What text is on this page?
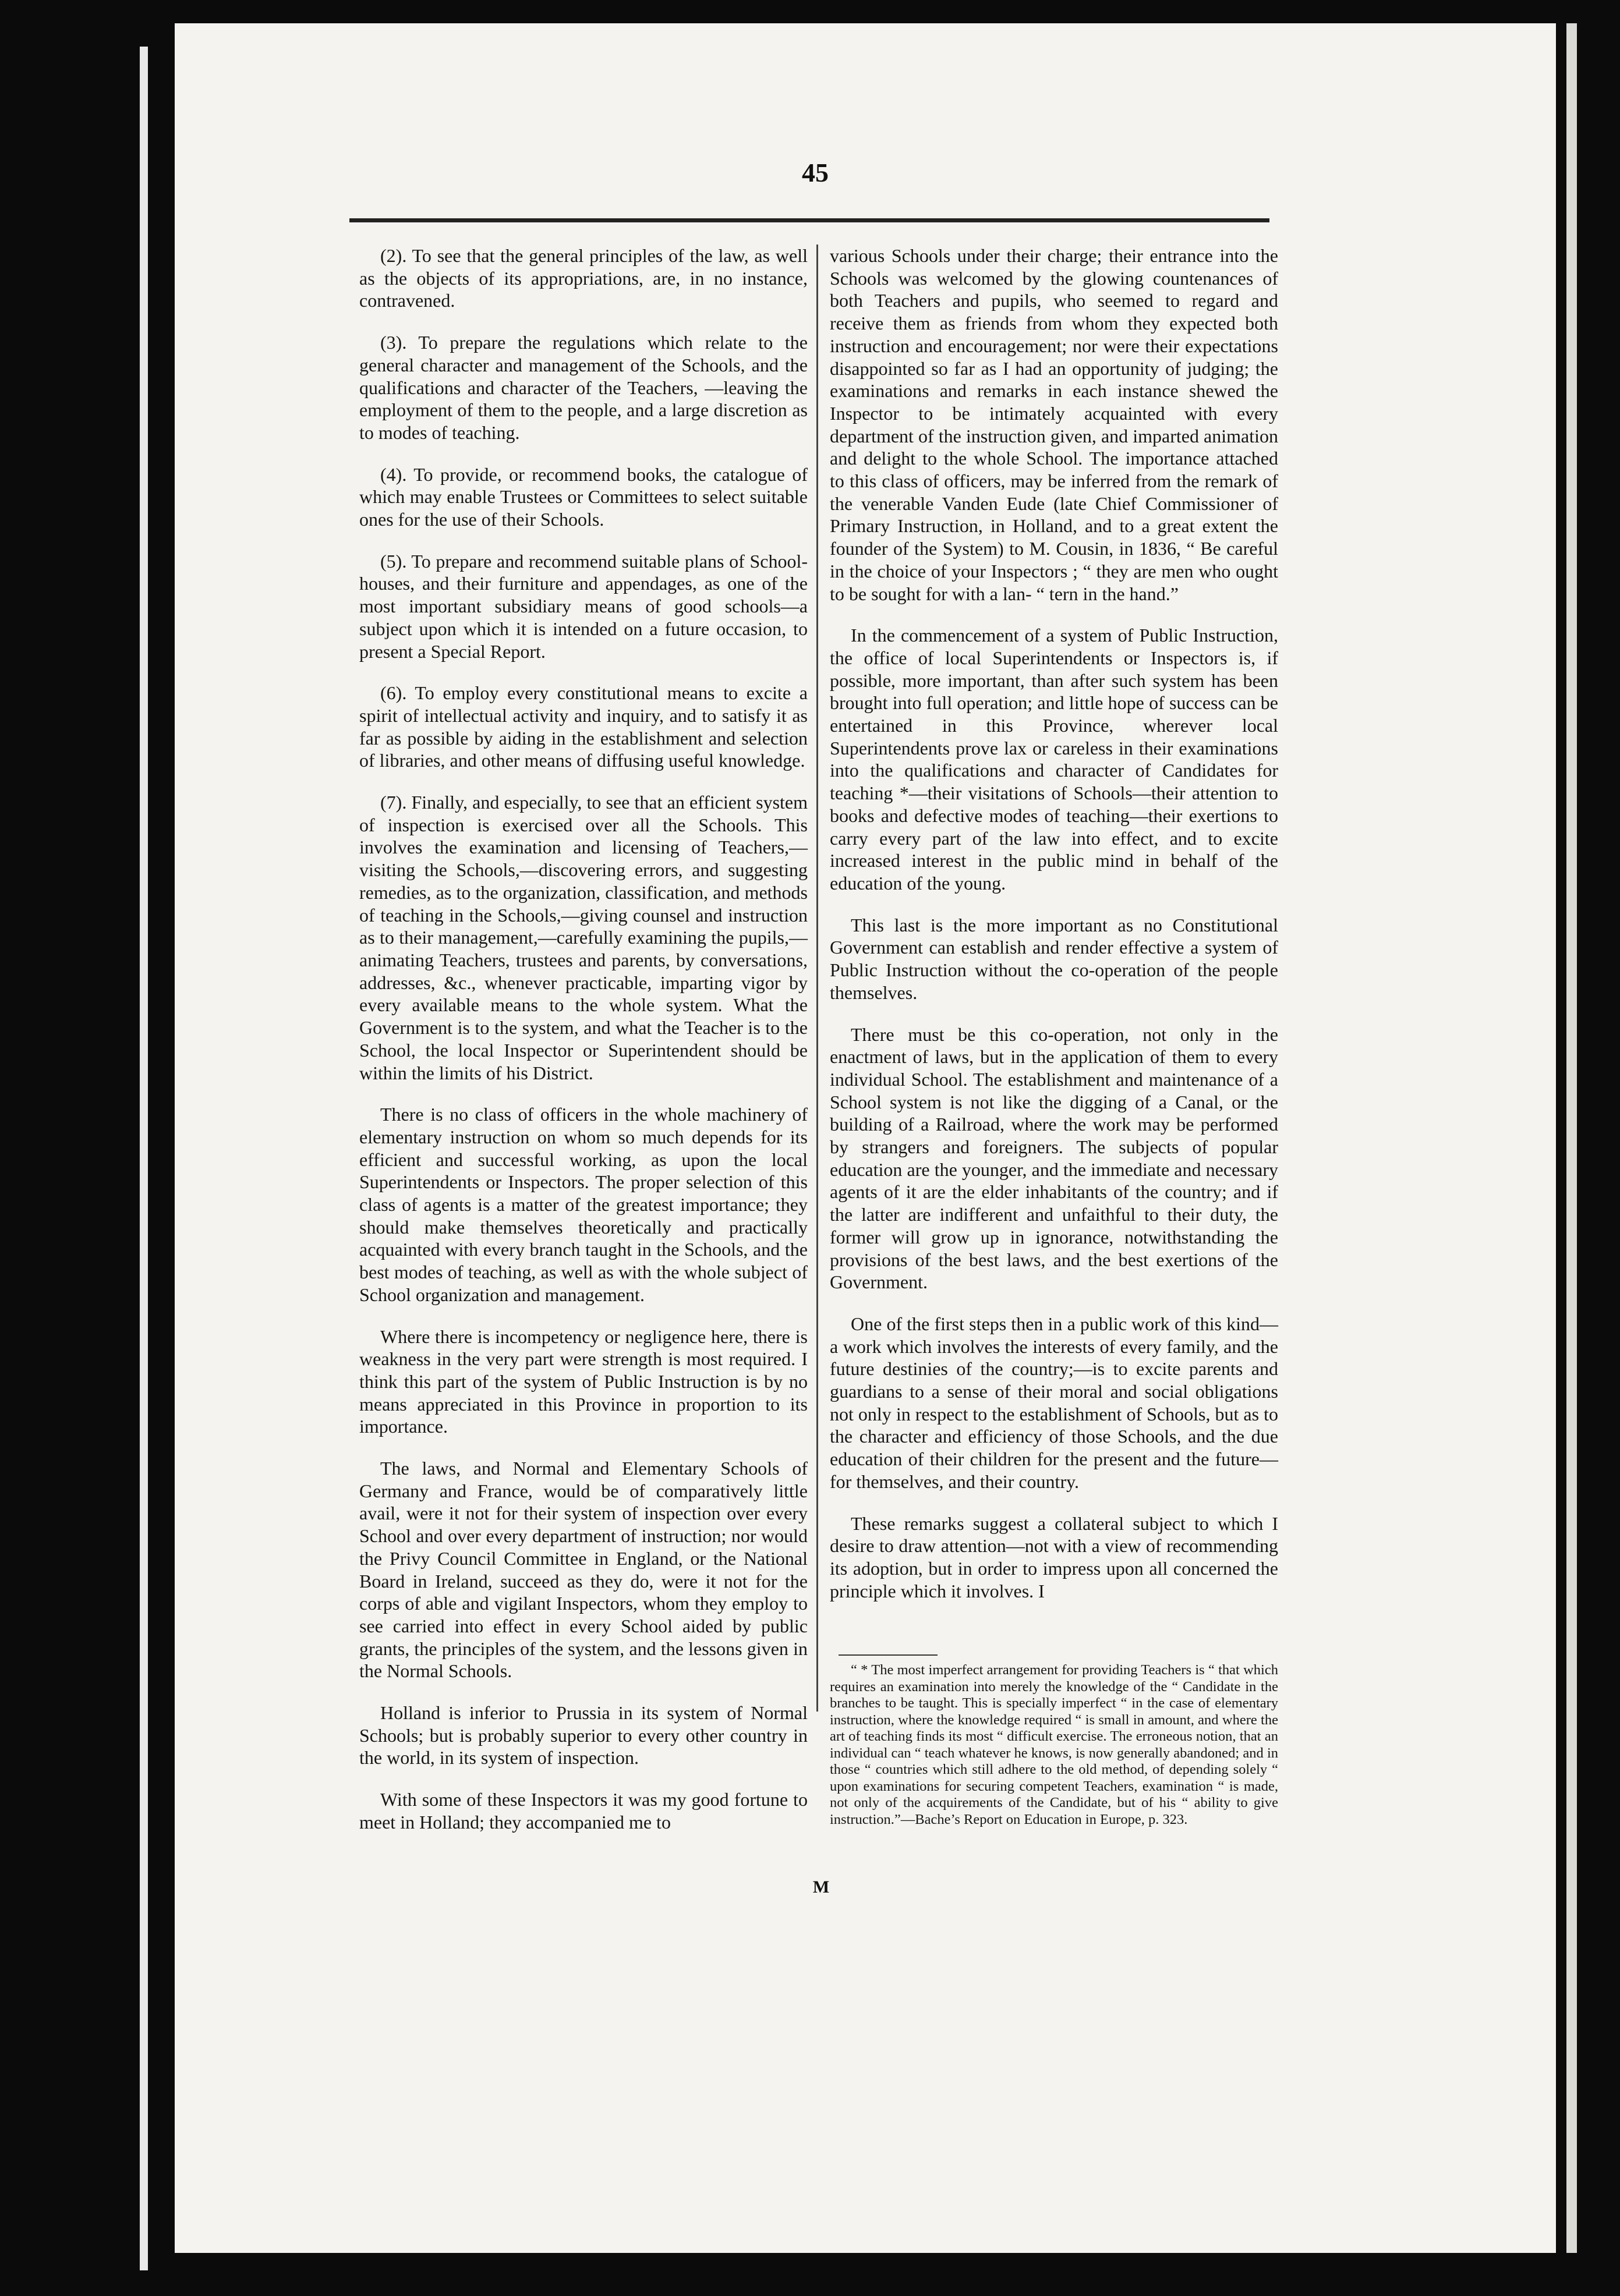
45

(2). To see that the general principles of the law, as well as the objects of its appropriations, are, in no instance, contravened.

(3). To prepare the regulations which relate to the general character and management of the Schools, and the qualifications and character of the Teachers, —leaving the employment of them to the people, and a large discretion as to modes of teaching.

(4). To provide, or recommend books, the catalogue of which may enable Trustees or Committees to select suitable ones for the use of their Schools.

(5). To prepare and recommend suitable plans of School-houses, and their furniture and appendages, as one of the most important subsidiary means of good schools—a subject upon which it is intended on a future occasion, to present a Special Report.

(6). To employ every constitutional means to excite a spirit of intellectual activity and inquiry, and to satisfy it as far as possible by aiding in the establishment and selection of libraries, and other means of diffusing useful knowledge.

(7). Finally, and especially, to see that an efficient system of inspection is exercised over all the Schools. This involves the examination and licensing of Teachers,—visiting the Schools,—discovering errors, and suggesting remedies, as to the organization, classification, and methods of teaching in the Schools,—giving counsel and instruction as to their management,—carefully examining the pupils,—animating Teachers, trustees and parents, by conversations, addresses, &c., whenever practicable, imparting vigor by every available means to the whole system. What the Government is to the system, and what the Teacher is to the School, the local Inspector or Superintendent should be within the limits of his District.

There is no class of officers in the whole machinery of elementary instruction on whom so much depends for its efficient and successful working, as upon the local Superintendents or Inspectors. The proper selection of this class of agents is a matter of the greatest importance; they should make themselves theoretically and practically acquainted with every branch taught in the Schools, and the best modes of teaching, as well as with the whole subject of School organization and management.

Where there is incompetency or negligence here, there is weakness in the very part were strength is most required. I think this part of the system of Public Instruction is by no means appreciated in this Province in proportion to its importance.

The laws, and Normal and Elementary Schools of Germany and France, would be of comparatively little avail, were it not for their system of inspection over every School and over every department of instruction; nor would the Privy Council Committee in England, or the National Board in Ireland, succeed as they do, were it not for the corps of able and vigilant Inspectors, whom they employ to see carried into effect in every School aided by public grants, the principles of the system, and the lessons given in the Normal Schools.

Holland is inferior to Prussia in its system of Normal Schools; but is probably superior to every other country in the world, in its system of inspection.

With some of these Inspectors it was my good fortune to meet in Holland; they accompanied me to

various Schools under their charge; their entrance into the Schools was welcomed by the glowing countenances of both Teachers and pupils, who seemed to regard and receive them as friends from whom they expected both instruction and encouragement; nor were their expectations disappointed so far as I had an opportunity of judging; the examinations and remarks in each instance shewed the Inspector to be intimately acquainted with every department of the instruction given, and imparted animation and delight to the whole School. The importance attached to this class of officers, may be inferred from the remark of the venerable Vanden Eude (late Chief Commissioner of Primary Instruction, in Holland, and to a great extent the founder of the System) to M. Cousin, in 1836, “ Be careful in the choice of your Inspectors ; “ they are men who ought to be sought for with a lan- “ tern in the hand.”

In the commencement of a system of Public Instruction, the office of local Superintendents or Inspectors is, if possible, more important, than after such system has been brought into full operation; and little hope of success can be entertained in this Province, wherever local Superintendents prove lax or careless in their examinations into the qualifications and character of Candidates for teaching *—their visitations of Schools—their attention to books and defective modes of teaching—their exertions to carry every part of the law into effect, and to excite increased interest in the public mind in behalf of the education of the young.

This last is the more important as no Constitutional Government can establish and render effective a system of Public Instruction without the co-operation of the people themselves.

There must be this co-operation, not only in the enactment of laws, but in the application of them to every individual School. The establishment and maintenance of a School system is not like the digging of a Canal, or the building of a Railroad, where the work may be performed by strangers and foreigners. The subjects of popular education are the younger, and the immediate and necessary agents of it are the elder inhabitants of the country; and if the latter are indifferent and unfaithful to their duty, the former will grow up in ignorance, notwithstanding the provisions of the best laws, and the best exertions of the Government.

One of the first steps then in a public work of this kind—a work which involves the interests of every family, and the future destinies of the country;—is to excite parents and guardians to a sense of their moral and social obligations not only in respect to the establishment of Schools, but as to the character and efficiency of those Schools, and the due education of their children for the present and the future—for themselves, and their country.

These remarks suggest a collateral subject to which I desire to draw attention—not with a view of recommending its adoption, but in order to impress upon all concerned the principle which it involves. I

“ * The most imperfect arrangement for providing Teachers is “ that which requires an examination into merely the knowledge of the “ Candidate in the branches to be taught. This is specially imperfect “ in the case of elementary instruction, where the knowledge required “ is small in amount, and where the art of teaching finds its most “ difficult exercise. The erroneous notion, that an individual can “ teach whatever he knows, is now generally abandoned; and in those “ countries which still adhere to the old method, of depending solely “ upon examinations for securing competent Teachers, examination “ is made, not only of the acquirements of the Candidate, but of his “ ability to give instruction.”—Bache’s Report on Education in Europe, p. 323.

M
